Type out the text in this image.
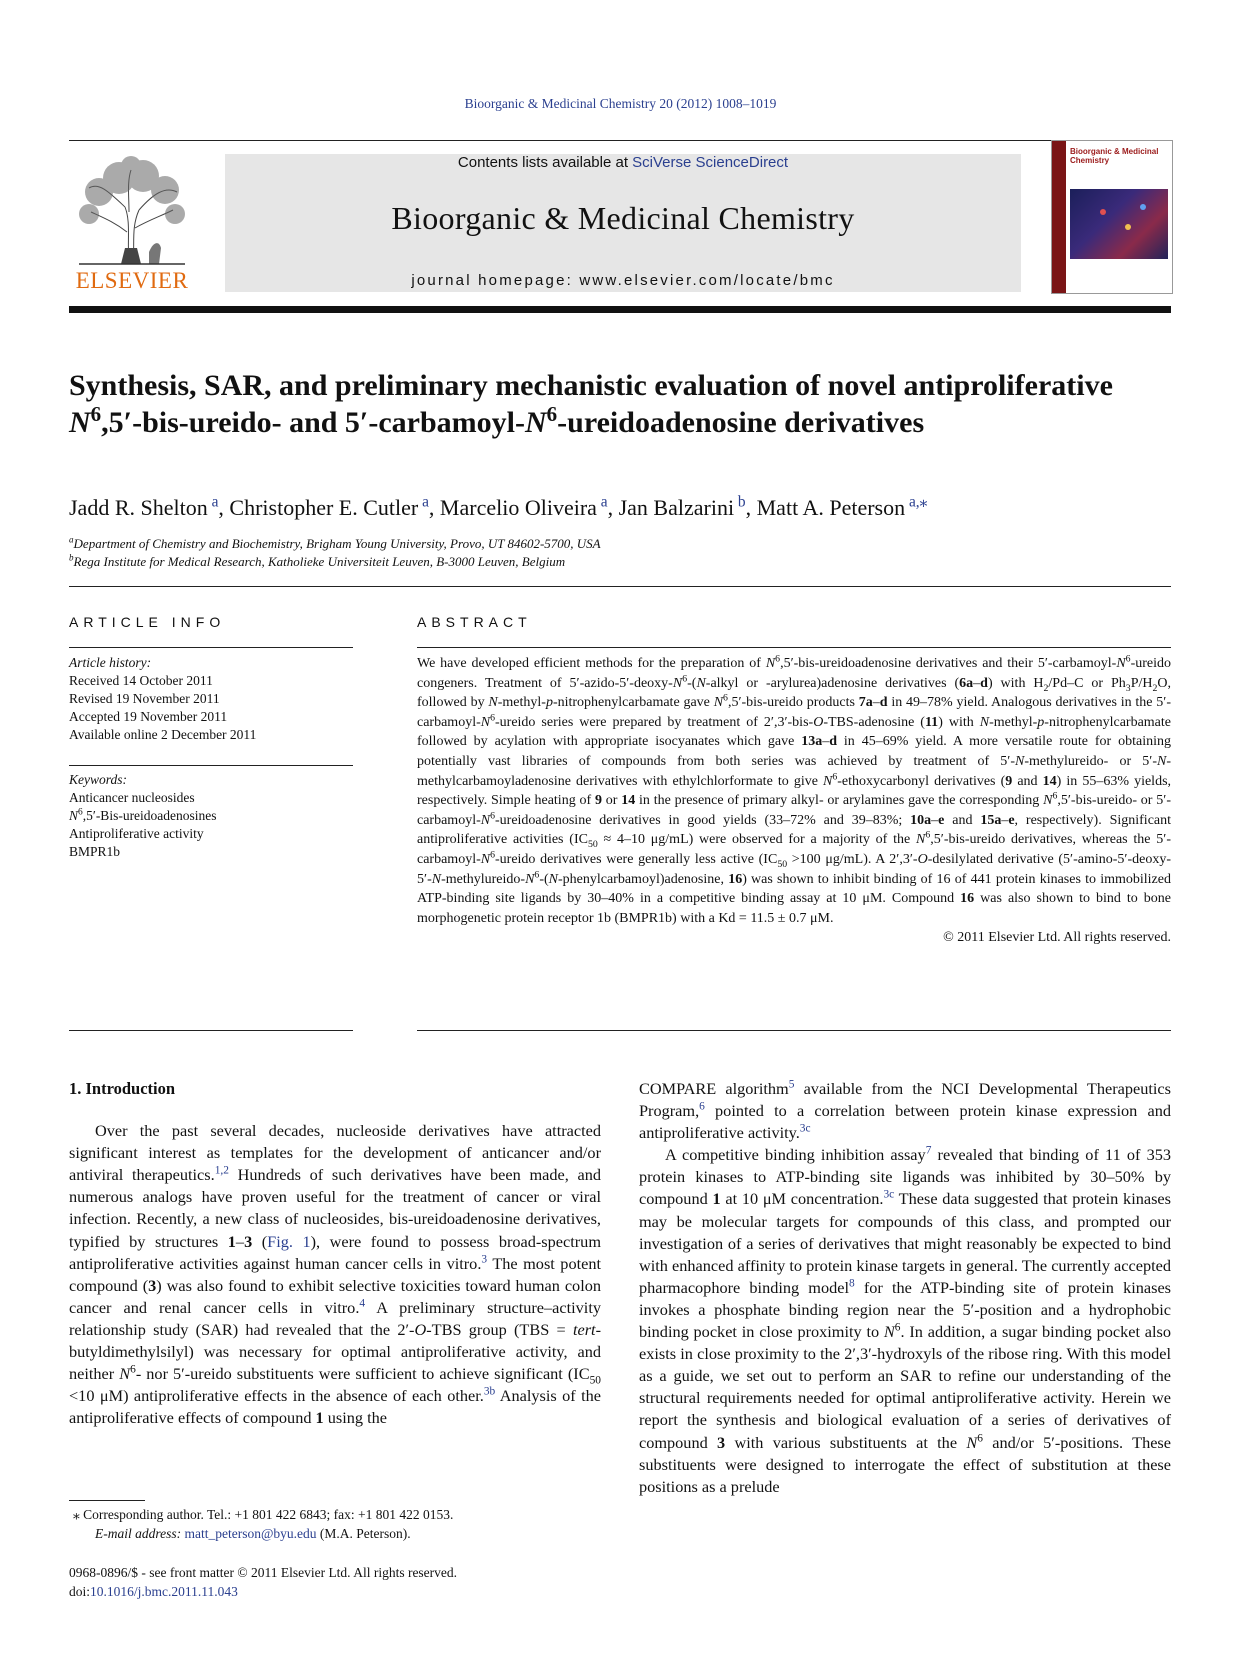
Bioorganic & Medicinal Chemistry 20 (2012) 1008–1019
ELSEVIER
Contents lists available at SciVerse ScienceDirect
Bioorganic & Medicinal Chemistry
journal homepage: www.elsevier.com/locate/bmc
Bioorganic & Medicinal Chemistry
Synthesis, SAR, and preliminary mechanistic evaluation of novel antiproliferative $N^6,5'-bis-ureido-$ and $5'-carbamoyl-N^6$-ureidoadenosine derivatives
Jadd R. Shelton $^a$, Christopher E. Cutler $^a$, Marcelio Oliveira $^a$, Jan Balzarini $^b$, Matt A. Peterson $^{a,⁎}$
$^a$Department of Chemistry and Biochemistry, Brigham Young University, Provo, UT 84602-5700, USA
$^b$Rega Institute for Medical Research, Katholieke Universiteit Leuven, B-3000 Leuven, Belgium
ARTICLE INFO
Article history:
Received 14 October 2011
Revised 19 November 2011
Accepted 19 November 2011
Available online 2 December 2011
Keywords:
Anticancer nucleosides
$N^6,5'-Bis$-ureidoadenosines
Antiproliferative activity
BMPR1b
ABSTRACT
We have developed efficient methods for the preparation of $N^6,5'-bis$-ureidoadenosine derivatives and their $5'-carbamoyl-N^6$-ureido congeners. Treatment of $5'-azido-5'-deoxy-N^6-(N$-alkyl or -arylurea)adenosine derivatives (6a–d) with $H_2/Pd-C$ or $Ph_3P/H_2O$, followed by N-methyl-p-nitrophenylcarbamate gave $N^6,5'-bis$-ureido products 7a–d in 49–78% yield. Analogous derivatives in the $5'-carbamoyl-N^6$-ureido series were prepared by treatment of 2′,3′-bis-O-TBS-adenosine (11) with N-methyl-p-nitrophenylcarbamate followed by acylation with appropriate isocyanates which gave 13a–d in 45–69% yield. A more versatile route for obtaining potentially vast libraries of compounds from both series was achieved by treatment of 5′-N-methylureido- or 5′-N-methylcarbamoyladenosine derivatives with ethylchlorformate to give $N^6$-ethoxycarbonyl derivatives (9 and 14) in 55–63% yields, respectively. Simple heating of 9 or 14 in the presence of primary alkyl- or arylamines gave the corresponding $N^6,5'-bis-ureido-$ or $5'-carbamoyl-N^6$-ureidoadenosine derivatives in good yields (33–72% and 39–83%; 10a–e and 15a–e, respectively). Significant antiproliferative activities ($IC_{50} \approx 4-10$ μg/mL) were observed for a majority of the $N^6,5'-bis$-ureido derivatives, whereas the $5'-carbamoyl-N^6$-ureido derivatives were generally less active ($IC_{50} >100$ μg/mL). A 2′,3′-O-desilylated derivative ($5'-amino-5'-deoxy-5'-N-methylureido-N^6-(N-phenylcarbamoyl)adenosine$, 16) was shown to inhibit binding of 16 of 441 protein kinases to immobilized ATP-binding site ligands by 30–40% in a competitive binding assay at 10 μM. Compound 16 was also shown to bind to bone morphogenetic protein receptor 1b (BMPR1b) with a Kd = 11.5 ± 0.7 μM.
© 2011 Elsevier Ltd. All rights reserved.
1. Introduction

Over the past several decades, nucleoside derivatives have attracted significant interest as templates for the development of anticancer and/or antiviral therapeutics.$^{1,2}$ Hundreds of such derivatives have been made, and numerous analogs have proven useful for the treatment of cancer or viral infection. Recently, a new class of nucleosides, bis-ureidoadenosine derivatives, typified by structures 1–3 (Fig. 1), were found to possess broad-spectrum antiproliferative activities against human cancer cells in vitro.$^3$ The most potent compound (3) was also found to exhibit selective toxicities toward human colon cancer and renal cancer cells in vitro.$^4$ A preliminary structure–activity relationship study (SAR) had revealed that the 2′-O-TBS group (TBS = tert-butyldimethylsilyl) was necessary for optimal antiproliferative activity, and neither $N^6-$ nor 5′-ureido substituents were sufficient to achieve significant ($IC_{50} <10$ μM) antiproliferative effects in the absence of each other.$^{3b}$ Analysis of the antiproliferative effects of compound 1 using the

COMPARE algorithm$^5$ available from the NCI Developmental Therapeutics Program,$^6$ pointed to a correlation between protein kinase expression and antiproliferative activity.$^{3c}$

A competitive binding inhibition assay$^7$ revealed that binding of 11 of 353 protein kinases to ATP-binding site ligands was inhibited by 30–50% by compound 1 at 10 μM concentration.$^{3c}$ These data suggested that protein kinases may be molecular targets for compounds of this class, and prompted our investigation of a series of derivatives that might reasonably be expected to bind with enhanced affinity to protein kinase targets in general. The currently accepted pharmacophore binding model$^8$ for the ATP-binding site of protein kinases invokes a phosphate binding region near the 5′-position and a hydrophobic binding pocket in close proximity to $N^6$. In addition, a sugar binding pocket also exists in close proximity to the 2′,3′-hydroxyls of the ribose ring. With this model as a guide, we set out to perform an SAR to refine our understanding of the structural requirements needed for optimal antiproliferative activity. Herein we report the synthesis and biological evaluation of a series of derivatives of compound 3 with various substituents at the $N^6$ and/or 5′-positions. These substituents were designed to interrogate the effect of substitution at these positions as a prelude

⁎ Corresponding author. Tel.: +1 801 422 6843; fax: +1 801 422 0153.
E-mail address: matt_peterson@byu.edu (M.A. Peterson).
0968-0896/$ - see front matter © 2011 Elsevier Ltd. All rights reserved.
doi:10.1016/j.bmc.2011.11.043
